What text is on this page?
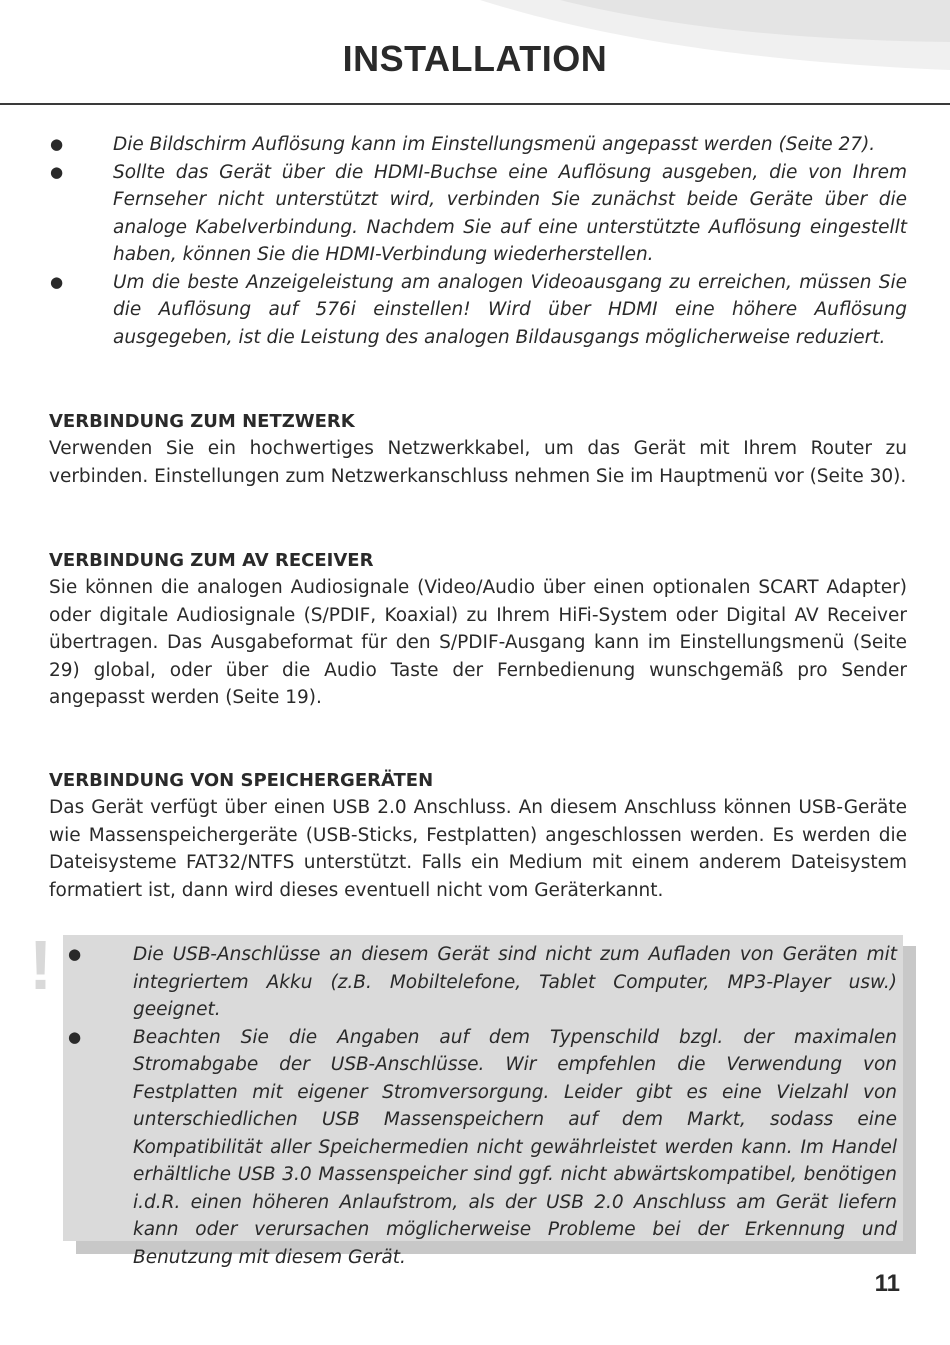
INSTALLATION
●	Die Bildschirm Auflösung kann im Einstellungsmenü angepasst werden (Seite 27).
●	Sollte das Gerät über die HDMI-Buchse eine Auflösung ausgeben, die von Ihrem Fernseher nicht unterstützt wird, verbinden Sie zunächst beide Geräte über die analoge Kabelverbindung. Nachdem Sie auf eine unterstützte Auflösung eingestellt haben, können Sie die HDMI-Verbindung wiederherstellen.
●	Um die beste Anzeigeleistung am analogen Videoausgang zu erreichen, müssen Sie die Auflösung auf 576i einstellen! Wird über HDMI eine höhere Auflösung ausgegeben, ist die Leistung des analogen Bildausgangs möglicherweise reduziert.
VERBINDUNG ZUM NETZWERK

Verwenden Sie ein hochwertiges Netzwerkkabel, um das Gerät mit Ihrem Router zu verbinden. Einstellungen zum Netzwerkanschluss nehmen Sie im Hauptmenü vor (Seite 30).

VERBINDUNG ZUM AV RECEIVER

Sie können die analogen Audiosignale (Video/Audio über einen optionalen SCART Adapter) oder digitale Audiosignale (S/PDIF, Koaxial) zu Ihrem HiFi-System oder Digital AV Receiver übertragen. Das Ausgabeformat für den S/PDIF-Ausgang kann im Einstellungsmenü (Seite 29) global, oder über die Audio Taste der Fernbedienung wunschgemäß pro Sender angepasst werden (Seite 19).

VERBINDUNG VON SPEICHERGERÄTEN

Das Gerät verfügt über einen USB 2.0 Anschluss. An diesem Anschluss können USB-Geräte wie Massenspeichergeräte (USB-Sticks, Festplatten) angeschlossen werden. Es werden die Dateisysteme FAT32/NTFS unterstützt. Falls ein Medium mit einem anderem Dateisystem formatiert ist, dann wird dieses eventuell nicht vom Geräterkannt.

! ●	Die USB-Anschlüsse an diesem Gerät sind nicht zum Aufladen von Geräten mit integriertem Akku (z.B. Mobiltelefone, Tablet Computer, MP3-Player usw.) geeignet.
●	Beachten Sie die Angaben auf dem Typenschild bzgl. der maximalen Stromabgabe der USB-Anschlüsse. Wir empfehlen die Verwendung von Festplatten mit eigener Stromversorgung. Leider gibt es eine Vielzahl von unterschiedlichen USB Massenspeichern auf dem Markt, sodass eine Kompatibilität aller Speichermedien nicht gewährleistet werden kann. Im Handel erhältliche USB 3.0 Massenspeicher sind ggf. nicht abwärtskompatibel, benötigen i.d.R. einen höheren Anlaufstrom, als der USB 2.0 Anschluss am Gerät liefern kann oder verursachen möglicherweise Probleme bei der Erkennung und Benutzung mit diesem Gerät.
11
